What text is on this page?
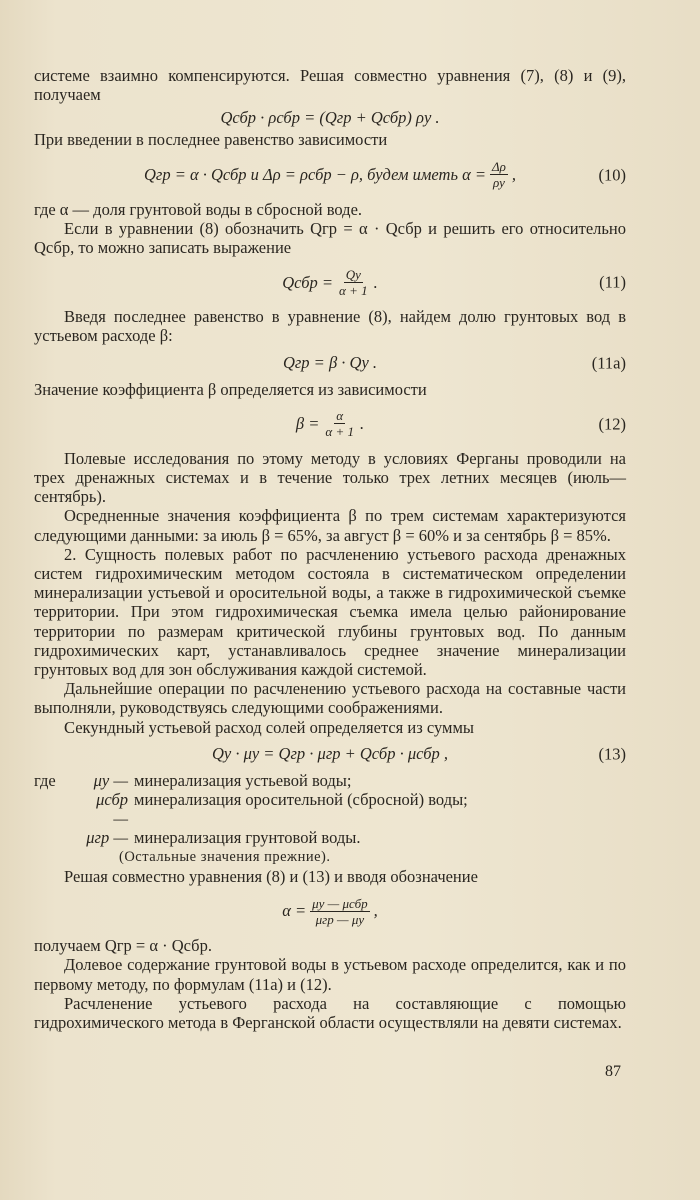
системе взаимно компенсируются. Решая совместно уравнения (7), (8) и (9), получаем

Qсбр · ρсбр = (Qгр + Qсбр) ρу .

При введении в последнее равенство зависимости

Qгр = α · Qсбр и Δρ = ρсбр − ρ, будем иметь $\alpha = \frac{\Delta\rho}{\rho у}$ ,	(10)

где α — доля грунтовой воды в сбросной воде.

Если в уравнении (8) обозначить Qгр = α · Qсбр и решить его относительно Qсбр, то можно записать выражение

Qсбр = $\frac{Qу}{\alpha + 1}$ .	(11)

Введя последнее равенство в уравнение (8), найдем долю грунтовых вод в устьевом расходе β:

Qгр = β · Qу .	(11а)

Значение коэффициента β определяется из зависимости

$\beta = \frac{\alpha}{\alpha + 1}$ .	(12)

Полевые исследования по этому методу в условиях Ферганы проводили на трех дренажных системах и в течение только трех летних месяцев (июль—сентябрь).

Осредненные значения коэффициента β по трем системам характеризуются следующими данными: за июль β = 65%, за август β = 60% и за сентябрь β = 85%.

2. Сущность полевых работ по расчленению устьевого расхода дренажных систем гидрохимическим методом состояла в систематическом определении минерализации устьевой и оросительной воды, а также в гидрохимической съемке территории. При этом гидрохимическая съемка имела целью районирование территории по размерам критической глубины грунтовых вод. По данным гидрохимических карт, устанавливалось среднее значение минерализации грунтовых вод для зон обслуживания каждой системой.

Дальнейшие операции по расчленению устьевого расхода на составные части выполняли, руководствуясь следующими соображениями.

Секундный устьевой расход солей определяется из суммы

Qу · μу = Qгр · μгр + Qсбр · μсбр ,	(13)
где	μу — минерализация устьевой воды;
μсбр —
минерализация оросительной (сбросной) воды;
μгр — минерализация грунтовой воды.

(Остальные значения прежние).

Решая совместно уравнения (8) и (13) и вводя обозначение

$\alpha = \frac{\text{μу — μсбр}}{\text{μгр — μу}}$ ,

получаем Qгр = α · Qсбр.

Долевое содержание грунтовой воды в устьевом расходе определится, как и по первому методу, по формулам (11а) и (12).

Расчленение устьевого расхода на составляющие с помощью гидрохимического метода в Ферганской области осуществляли на девяти системах.

87
